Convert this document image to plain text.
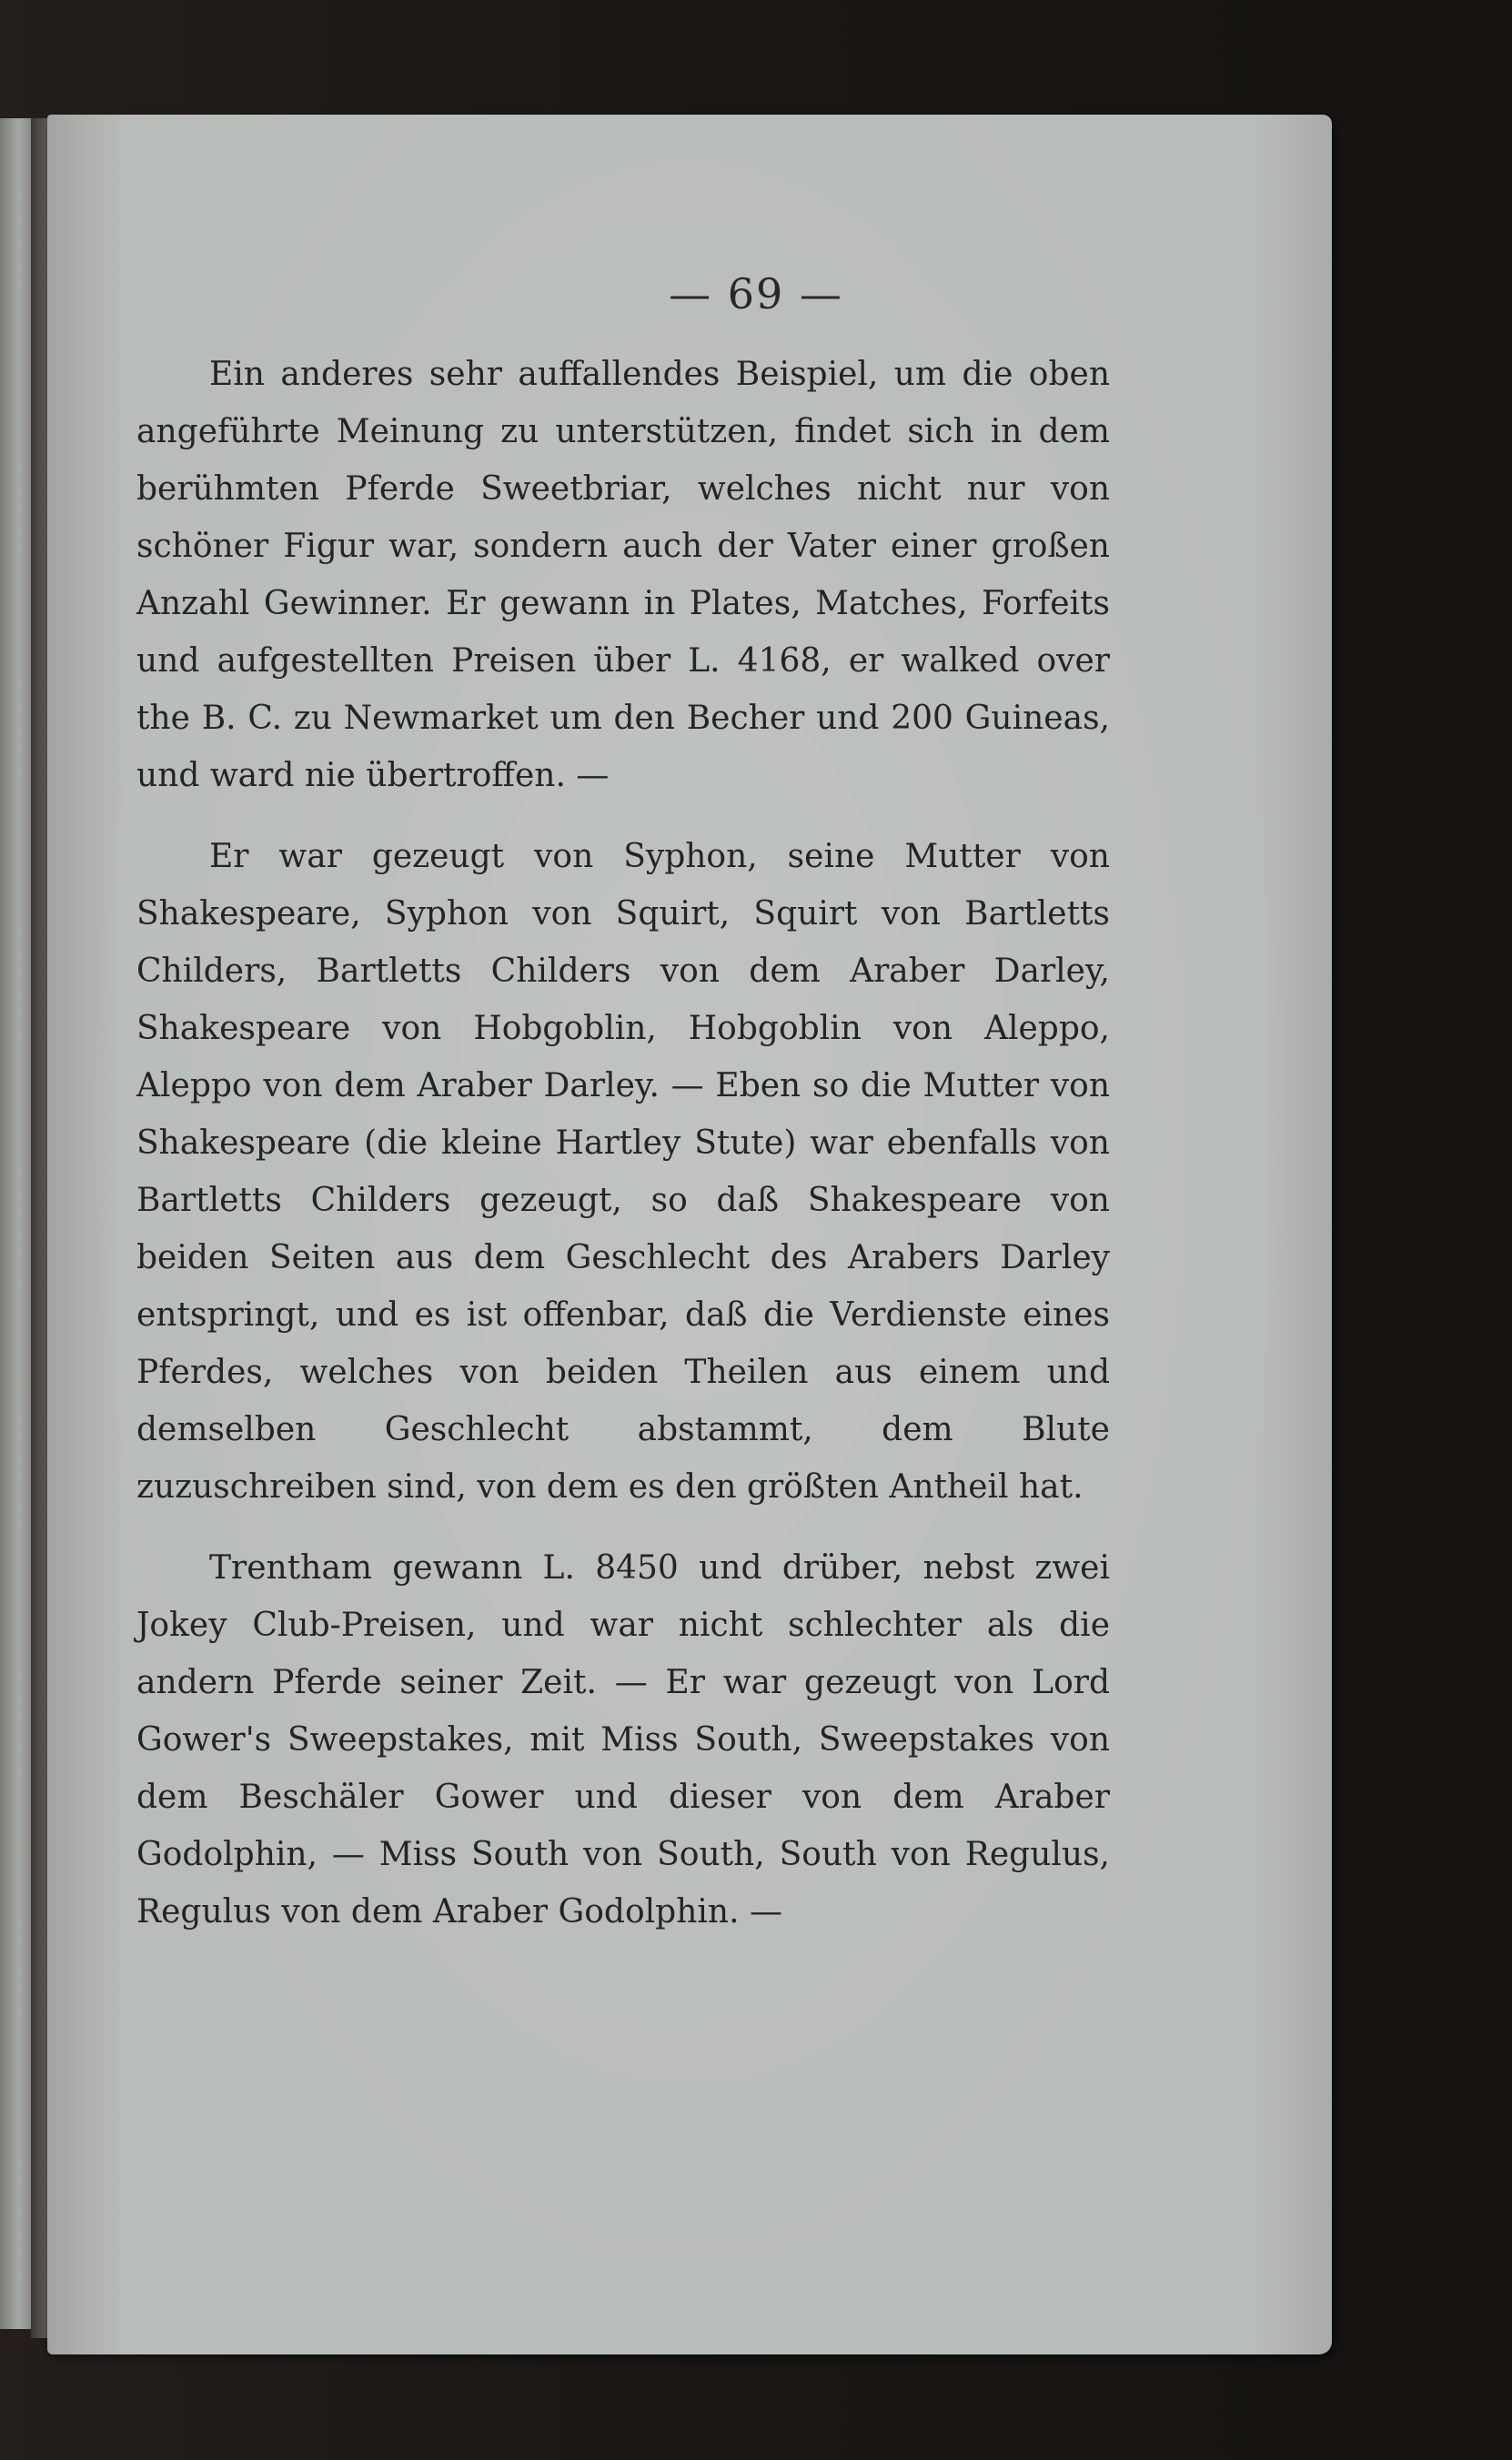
— 69 —

Ein anderes sehr auffallendes Beispiel, um die oben angeführte Meinung zu unterstützen, findet sich in dem berühmten Pferde Sweetbriar, welches nicht nur von schöner Figur war, sondern auch der Vater einer großen Anzahl Gewinner. Er gewann in Plates, Matches, Forfeits und aufgestellten Preisen über L. 4168, er walked over the B. C. zu Newmarket um den Becher und 200 Guineas, und ward nie übertroffen. —

Er war gezeugt von Syphon, seine Mutter von Shakespeare, Syphon von Squirt, Squirt von Bartletts Childers, Bartletts Childers von dem Araber Darley, Shakespeare von Hobgoblin, Hobgoblin von Aleppo, Aleppo von dem Araber Darley. — Eben so die Mutter von Shakespeare (die kleine Hartley Stute) war ebenfalls von Bartletts Childers gezeugt, so daß Shakespeare von beiden Seiten aus dem Geschlecht des Arabers Darley entspringt, und es ist offenbar, daß die Verdienste eines Pferdes, welches von beiden Theilen aus einem und demselben Geschlecht abstammt, dem Blute zuzuschreiben sind, von dem es den größten Antheil hat.

Trentham gewann L. 8450 und drüber, nebst zwei Jokey Club-Preisen, und war nicht schlechter als die andern Pferde seiner Zeit. — Er war gezeugt von Lord Gower's Sweepstakes, mit Miss South, Sweepstakes von dem Beschäler Gower und dieser von dem Araber Godolphin, — Miss South von South, South von Regulus, Regulus von dem Araber Godolphin. —
